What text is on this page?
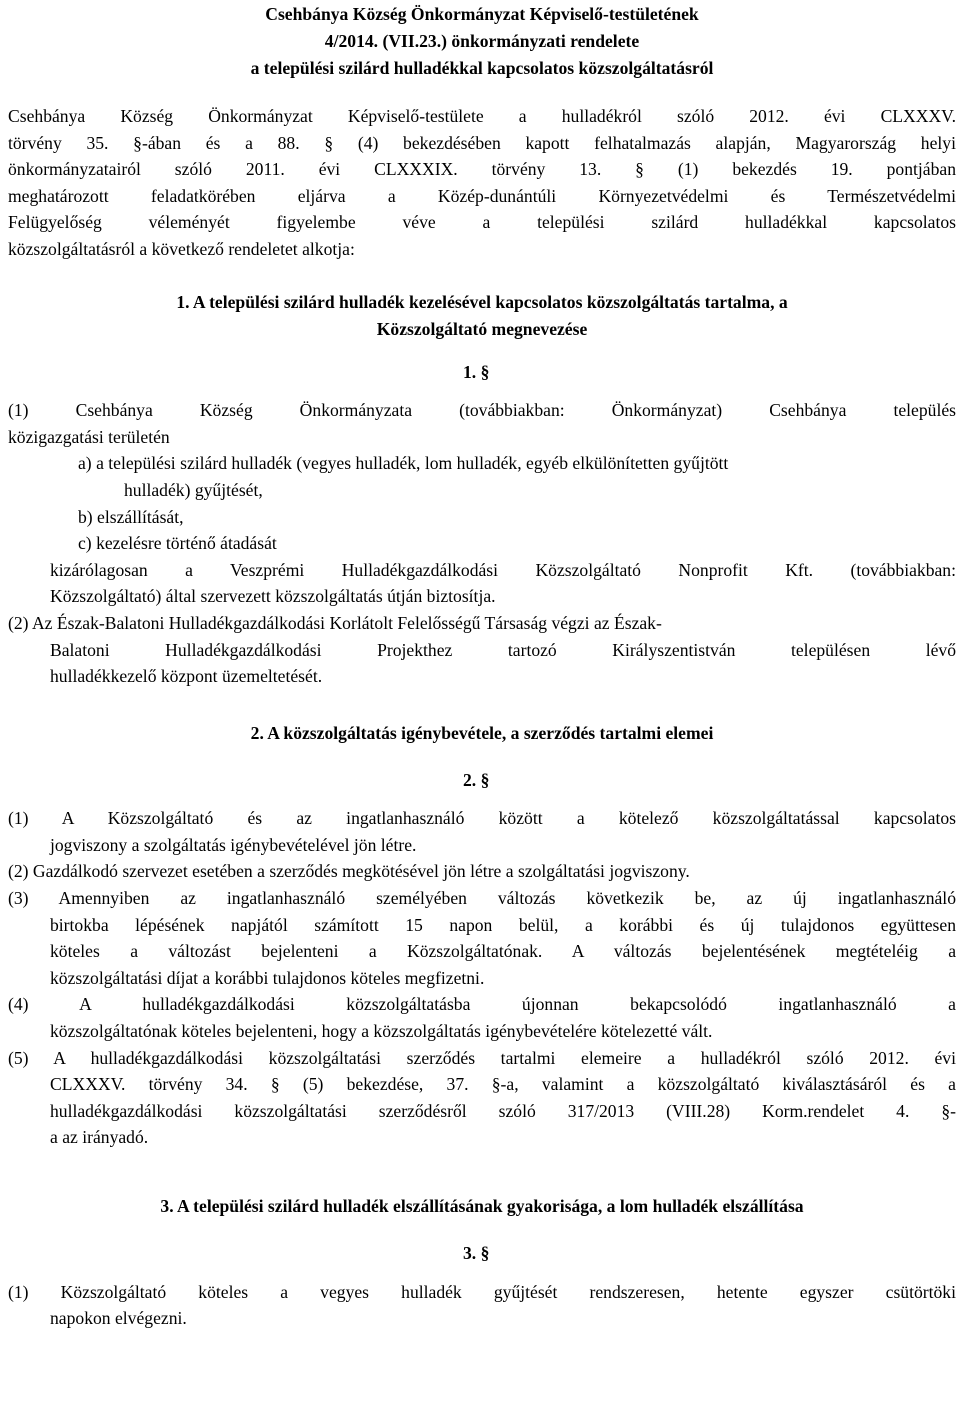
Csehbánya Község Önkormányzat Képviselő-testületének
4/2014. (VII.23.) önkormányzati rendelete
a települési szilárd hulladékkal kapcsolatos közszolgáltatásról
Csehbánya Község Önkormányzat Képviselő-testülete a hulladékról szóló 2012. évi CLXXXV.
törvény 35. §-ában és a 88. § (4) bekezdésében kapott felhatalmazás alapján, Magyarország helyi
önkormányzatairól szóló 2011. évi CLXXXIX. törvény 13. § (1) bekezdés 19. pontjában
meghatározott feladatkörében eljárva a Közép-dunántúli Környezetvédelmi és Természetvédelmi
Felügyelőség véleményét figyelembe véve a települési szilárd hulladékkal kapcsolatos
közszolgáltatásról a következő rendeletet alkotja:
1. A települési szilárd hulladék kezelésével kapcsolatos közszolgáltatás tartalma, a
Közszolgáltató megnevezése
1. §
(1) Csehbánya Község Önkormányzata (továbbiakban: Önkormányzat) Csehbánya település
közigazgatási területén
a) a települési szilárd hulladék (vegyes hulladék, lom hulladék, egyéb elkülönítetten gyűjtött
hulladék) gyűjtését,
b) elszállítását,
c) kezelésre történő átadását
kizárólagosan a Veszprémi Hulladékgazdálkodási Közszolgáltató Nonprofit Kft. (továbbiakban:
Közszolgáltató) által szervezett közszolgáltatás útján biztosítja.
(2) Az Észak-Balatoni Hulladékgazdálkodási Korlátolt Felelősségű Társaság végzi az Észak-
Balatoni Hulladékgazdálkodási Projekthez tartozó Királyszentistván településen lévő
hulladékkezelő központ üzemeltetését.
2. A közszolgáltatás igénybevétele, a szerződés tartalmi elemei
2. §
(1) A Közszolgáltató és az ingatlanhasználó között a kötelező közszolgáltatással kapcsolatos
jogviszony a szolgáltatás igénybevételével jön létre.
(2) Gazdálkodó szervezet esetében a szerződés megkötésével jön létre a szolgáltatási jogviszony.
(3) Amennyiben az ingatlanhasználó személyében változás következik be, az új ingatlanhasználó
birtokba lépésének napjától számított 15 napon belül, a korábbi és új tulajdonos együttesen
köteles a változást bejelenteni a Közszolgáltatónak. A változás bejelentésének megtételéig a
közszolgáltatási díjat a korábbi tulajdonos köteles megfizetni.
(4) A hulladékgazdálkodási közszolgáltatásba újonnan bekapcsolódó ingatlanhasználó a
közszolgáltatónak köteles bejelenteni, hogy a közszolgáltatás igénybevételére kötelezetté vált.
(5) A hulladékgazdálkodási közszolgáltatási szerződés tartalmi elemeire a hulladékról szóló 2012. évi
CLXXXV. törvény 34. § (5) bekezdése, 37. §-a, valamint a közszolgáltató kiválasztásáról és a
hulladékgazdálkodási közszolgáltatási szerződésről szóló 317/2013 (VIII.28) Korm.rendelet 4. §-
a az irányadó.
3. A települési szilárd hulladék elszállításának gyakorisága, a lom hulladék elszállítása
3. §
(1) Közszolgáltató köteles a vegyes hulladék gyűjtését rendszeresen, hetente egyszer csütörtöki
napokon elvégezni.
